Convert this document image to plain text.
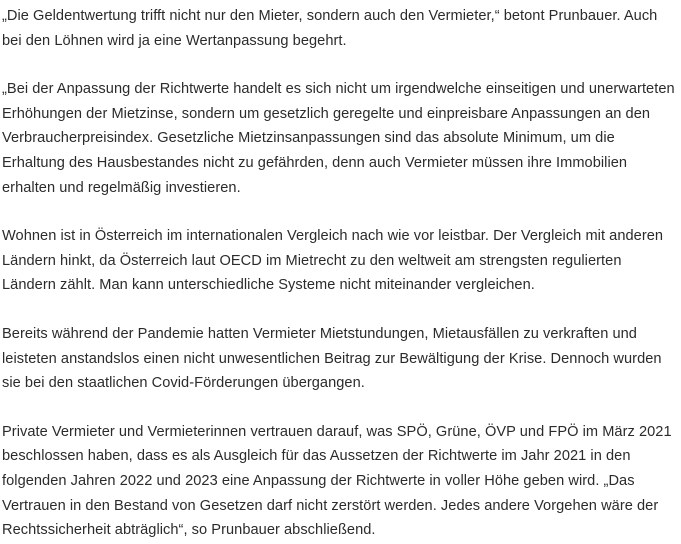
„Die Geldentwertung trifft nicht nur den Mieter, sondern auch den Vermieter,“ betont Prunbauer. Auch bei den Löhnen wird ja eine Wertanpassung begehrt.

„Bei der Anpassung der Richtwerte handelt es sich nicht um irgendwelche einseitigen und unerwarteten Erhöhungen der Mietzinse, sondern um gesetzlich geregelte und einpreisbare Anpassungen an den Verbraucherpreisindex. Gesetzliche Mietzinsanpassungen sind das absolute Minimum, um die Erhaltung des Hausbestandes nicht zu gefährden, denn auch Vermieter müssen ihre Immobilien erhalten und regelmäßig investieren.

Wohnen ist in Österreich im internationalen Vergleich nach wie vor leistbar. Der Vergleich mit anderen Ländern hinkt, da Österreich laut OECD im Mietrecht zu den weltweit am strengsten regulierten Ländern zählt. Man kann unterschiedliche Systeme nicht miteinander vergleichen.

Bereits während der Pandemie hatten Vermieter Mietstundungen, Mietausfällen zu verkraften und leisteten anstandslos einen nicht unwesentlichen Beitrag zur Bewältigung der Krise. Dennoch wurden sie bei den staatlichen Covid-Förderungen übergangen.

Private Vermieter und Vermieterinnen vertrauen darauf, was SPÖ, Grüne, ÖVP und FPÖ im März 2021 beschlossen haben, dass es als Ausgleich für das Aussetzen der Richtwerte im Jahr 2021 in den folgenden Jahren 2022 und 2023 eine Anpassung der Richtwerte in voller Höhe geben wird. „Das Vertrauen in den Bestand von Gesetzen darf nicht zerstört werden. Jedes andere Vorgehen wäre der Rechtssicherheit abträglich“, so Prunbauer abschließend.
